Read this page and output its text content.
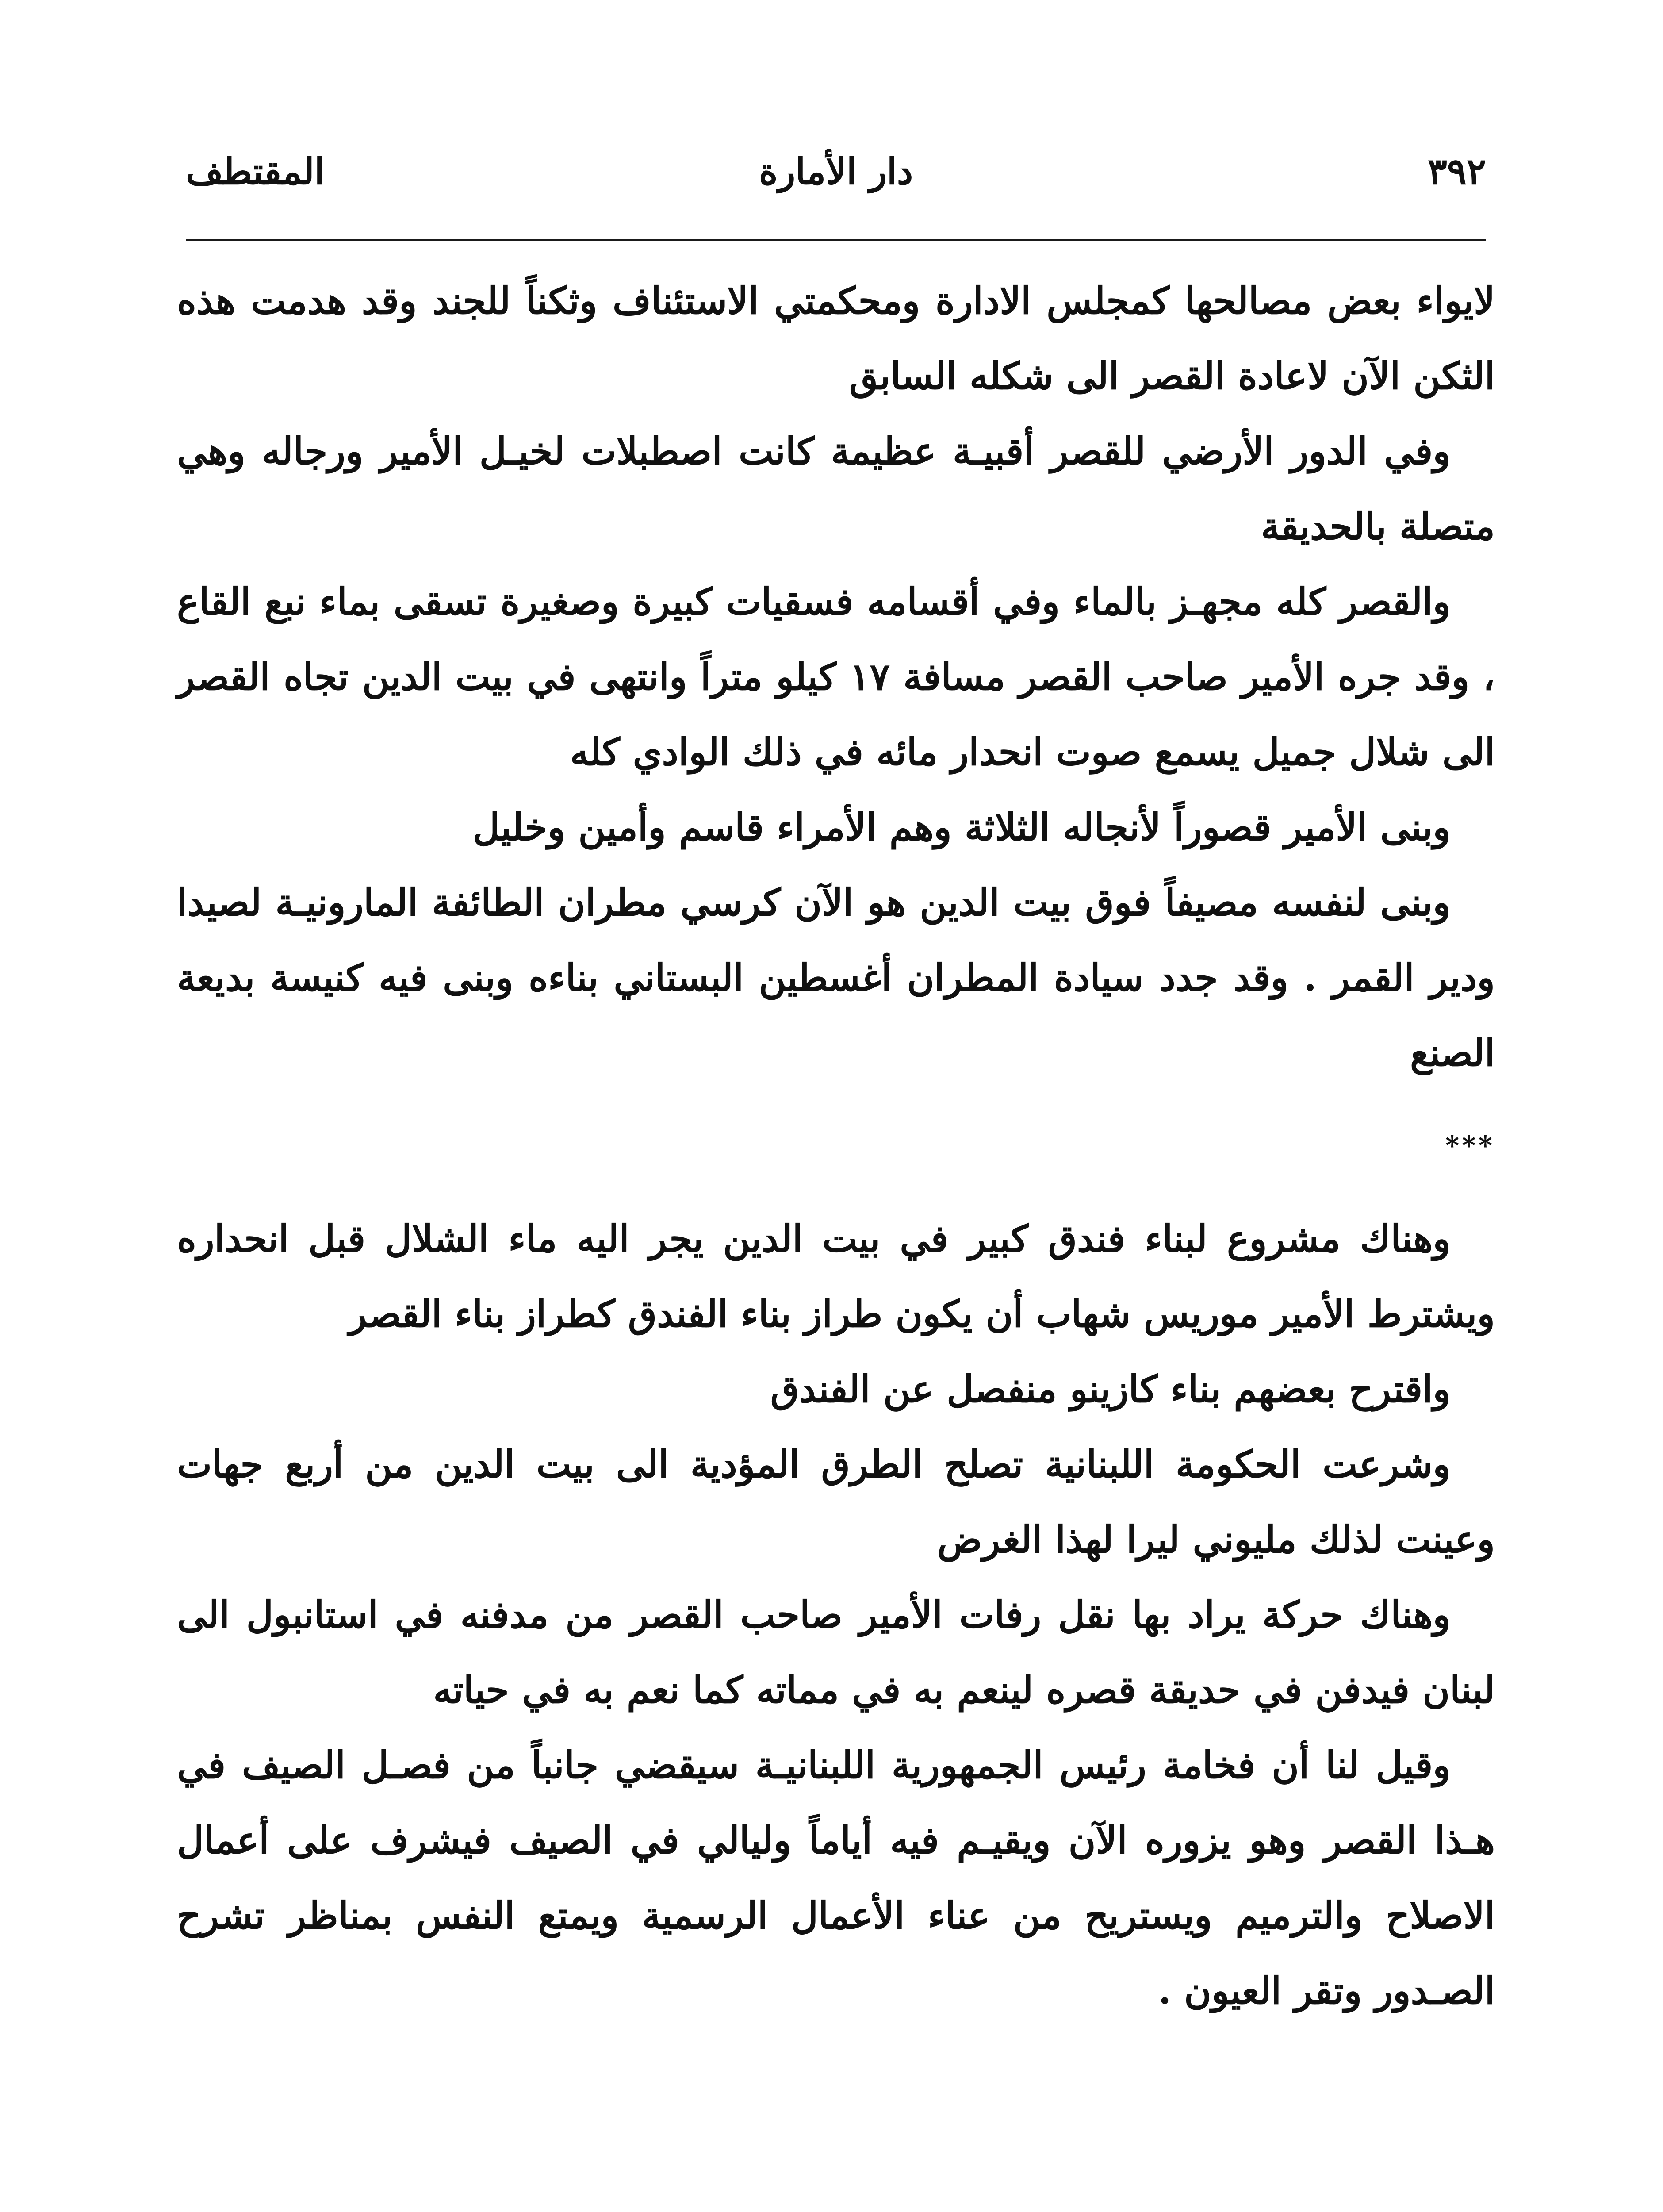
٣٩٢
دار الأمارة
المقتطف

لايواء بعض مصالحها كمجلس الادارة ومحكمتي الاستئناف وثكناً للجند وقد هدمت هذه الثكن الآن لاعادة القصر الى شكله السابق

وفي الدور الأرضي للقصر أقبيـة عظيمة كانت اصطبلات لخيـل الأمير ورجاله وهي متصلة بالحديقة

والقصر كله مجهـز بالماء وفي أقسامه فسقيات كبيرة وصغيرة تسقى بماء نبع القاع ، وقد جره الأمير صاحب القصر مسافة ١٧ كيلو متراً وانتهى في بيت الدين تجاه القصر الى شلال جميل يسمع صوت انحدار مائه في ذلك الوادي كله

وبنى الأمير قصوراً لأنجاله الثلاثة وهم الأمراء قاسم وأمين وخليل

وبنى لنفسه مصيفاً فوق بيت الدين هو الآن كرسي مطران الطائفة المارونيـة لصيدا ودير القمر . وقد جدد سيادة المطران أغسطين البستاني بناءه وبنى فيه كنيسة بديعة الصنع

***

وهناك مشروع لبناء فندق كبير في بيت الدين يجر اليه ماء الشلال قبل انحداره ويشترط الأمير موريس شهاب أن يكون طراز بناء الفندق كطراز بناء القصر

واقترح بعضهم بناء كازينو منفصل عن الفندق

وشرعت الحكومة اللبنانية تصلح الطرق المؤدية الى بيت الدين من أربع جهات وعينت لذلك مليوني ليرا لهذا الغرض

وهناك حركة يراد بها نقل رفات الأمير صاحب القصر من مدفنه في استانبول الى لبنان فيدفن في حديقة قصره لينعم به في مماته كما نعم به في حياته

وقيل لنا أن فخامة رئيس الجمهورية اللبنانيـة سيقضي جانباً من فصـل الصيف في هـذا القصر وهو يزوره الآن ويقيـم فيه أياماً وليالي في الصيف فيشرف على أعمال الاصلاح والترميم ويستريح من عناء الأعمال الرسمية ويمتع النفس بمناظر تشرح الصـدور وتقر العيون .
